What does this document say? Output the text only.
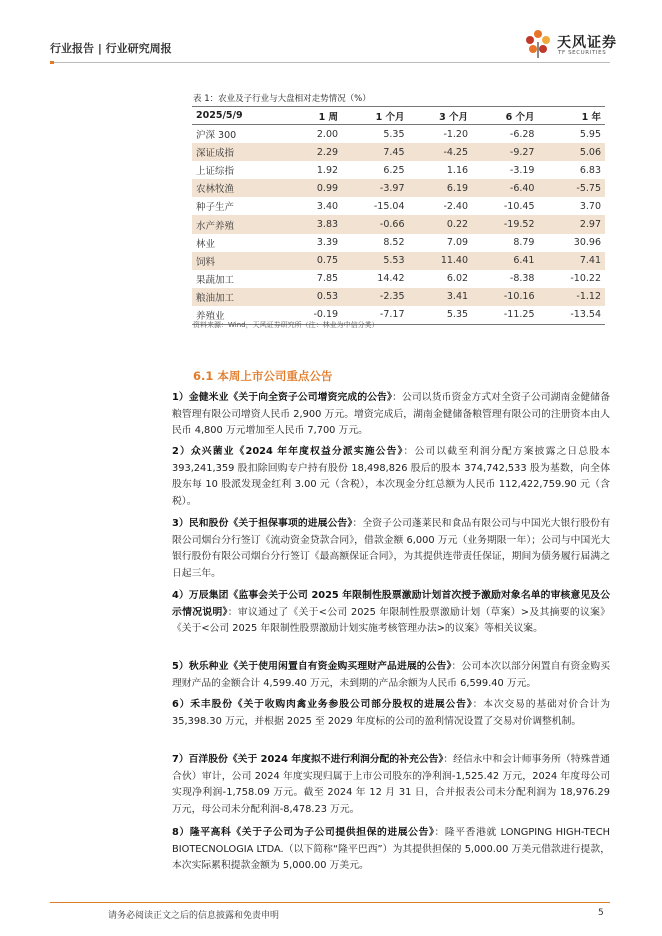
行业报告 | 行业研究周报	天风证券
TF SECURITIES
表 1：农业及子行业与大盘相对走势情况（%）
2025/5/9	1 周	1 个月	3 个月	6 个月	1 年
沪深 300	2.00	5.35	-1.20	-6.28	5.95
深证成指	2.29	7.45	-4.25	-9.27	5.06
上证综指	1.92	6.25	1.16	-3.19	6.83
农林牧渔	0.99	-3.97	6.19	-6.40	-5.75
种子生产	3.40	-15.04	-2.40	-10.45	3.70
水产养殖	3.83	-0.66	0.22	-19.52	2.97
林业	3.39	8.52	7.09	8.79	30.96
饲料	0.75	5.53	11.40	6.41	7.41
果蔬加工	7.85	14.42	6.02	-8.38	-10.22
粮油加工	0.53	-2.35	3.41	-10.16	-1.12
养殖业	-0.19	-7.17	5.35	-11.25	-13.54
资料来源：Wind，天风证券研究所（注：林业为中信分类）
6.1 本周上市公司重点公告
1）金健米业《关于向全资子公司增资完成的公告》：公司以货币资金方式对全资子公司湖南金健储备粮管理有限公司增资人民币 2,900 万元。增资完成后，湖南金健储备粮管理有限公司的注册资本由人民币 4,800 万元增加至人民币 7,700 万元。
2）众兴菌业《2024 年年度权益分派实施公告》：公司以截至利润分配方案披露之日总股本 393,241,359 股扣除回购专户持有股份 18,498,826 股后的股本 374,742,533 股为基数，向全体股东每 10 股派发现金红利 3.00 元（含税），本次现金分红总额为人民币 112,422,759.90 元（含税）。
3）民和股份《关于担保事项的进展公告》：全资子公司蓬莱民和食品有限公司与中国光大银行股份有限公司烟台分行签订《流动资金贷款合同》，借款金额 6,000 万元（业务期限一年）；公司与中国光大银行股份有限公司烟台分行签订《最高额保证合同》，为其提供连带责任保证，期间为债务履行届满之日起三年。
4）万辰集团《监事会关于公司 2025 年限制性股票激励计划首次授予激励对象名单的审核意见及公示情况说明》：审议通过了《关于<公司 2025 年限制性股票激励计划（草案）>及其摘要的议案》《关于<公司 2025 年限制性股票激励计划实施考核管理办法>的议案》等相关议案。
5）秋乐种业《关于使用闲置自有资金购买理财产品进展的公告》：公司本次以部分闲置自有资金购买理财产品的金额合计 4,599.40 万元，未到期的产品余额为人民币 6,599.40 万元。
6）禾丰股份《关于收购肉禽业务参股公司部分股权的进展公告》：本次交易的基础对价合计为 35,398.30 万元，并根据 2025 至 2029 年度标的公司的盈利情况设置了交易对价调整机制。
7）百洋股份《关于 2024 年度拟不进行利润分配的补充公告》：经信永中和会计师事务所（特殊普通合伙）审计，公司 2024 年度实现归属于上市公司股东的净利润-1,525.42 万元，2024 年度母公司实现净利润-1,758.09 万元。截至 2024 年 12 月 31 日，合并报表公司未分配利润为 18,976.29 万元，母公司未分配利润-8,478.23 万元。
8）隆平高科《关于子公司为子公司提供担保的进展公告》：隆平香港就 LONGPING HIGH-TECH BIOTECNOLOGIA LTDA.（以下简称“隆平巴西”）为其提供担保的 5,000.00 万美元借款进行提款，本次实际累积提款金额为 5,000.00 万美元。
请务必阅读正文之后的信息披露和免责申明	5
